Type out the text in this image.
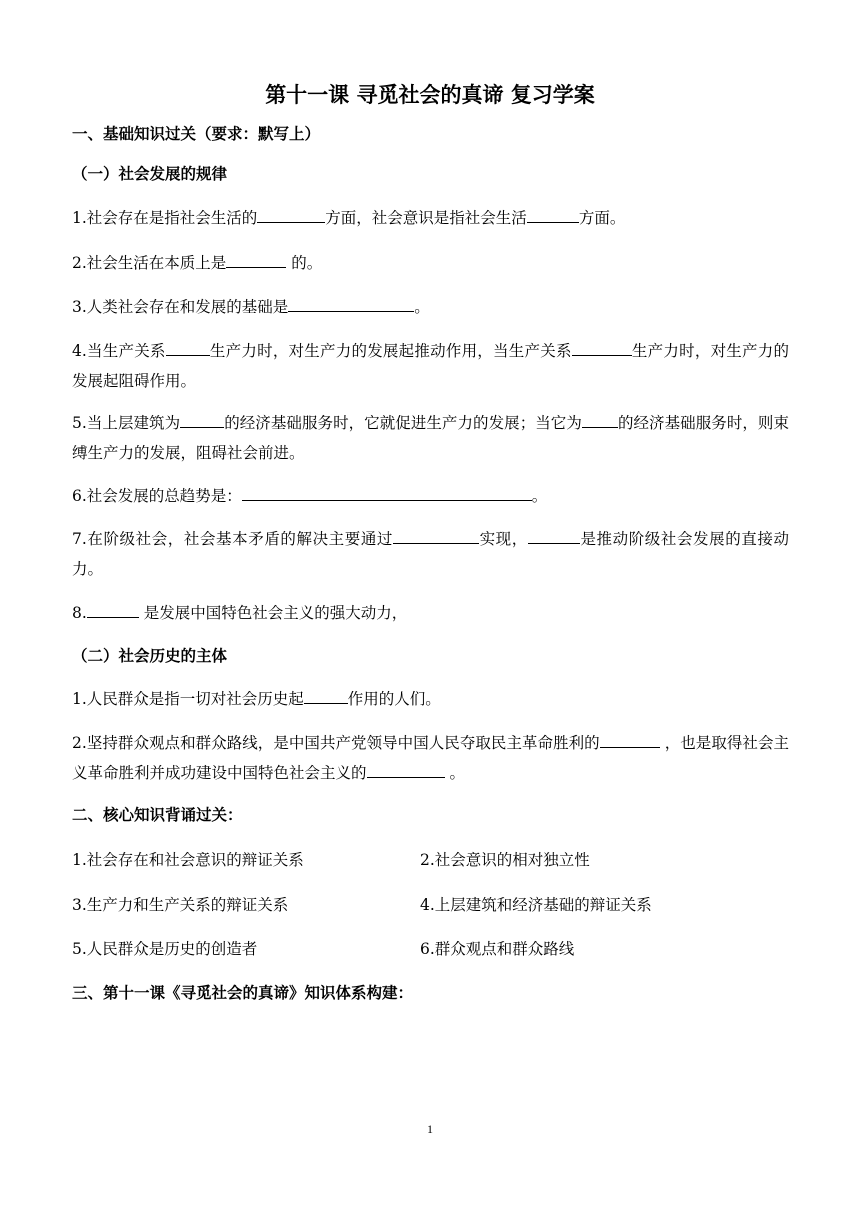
第十一课 寻觅社会的真谛 复习学案
一、基础知识过关（要求：默写上）
（一）社会发展的规律
1.社会存在是指社会生活的	方面，社会意识是指社会生活	方面。
2.社会生活在本质上是	的。
3.人类社会存在和发展的基础是	。
4.当生产关系	生产力时，对生产力的发展起推动作用，当生产关系	生产力时，对生产力的发展起阻碍作用。
5.当上层建筑为	的经济基础服务时，它就促进生产力的发展；当它为 的经济基础服务时，则束缚生产力的发展，阻碍社会前进。
6.社会发展的总趋势是：	。
7.在阶级社会，社会基本矛盾的解决主要通过	实现，	是推动阶级社会发展的直接动力。
8.	是发展中国特色社会主义的强大动力，
（二）社会历史的主体
1.人民群众是指一切对社会历史起	作用的人们。
2.坚持群众观点和群众路线，是中国共产党领导中国人民夺取民主革命胜利的	，也是取得社会主义革命胜利并成功建设中国特色社会主义的	。
二、核心知识背诵过关：
1.社会存在和社会意识的辩证关系	2.社会意识的相对独立性
3.生产力和生产关系的辩证关系	4.上层建筑和经济基础的辩证关系
5.人民群众是历史的创造者	6.群众观点和群众路线
三、第十一课《寻觅社会的真谛》知识体系构建：
1
